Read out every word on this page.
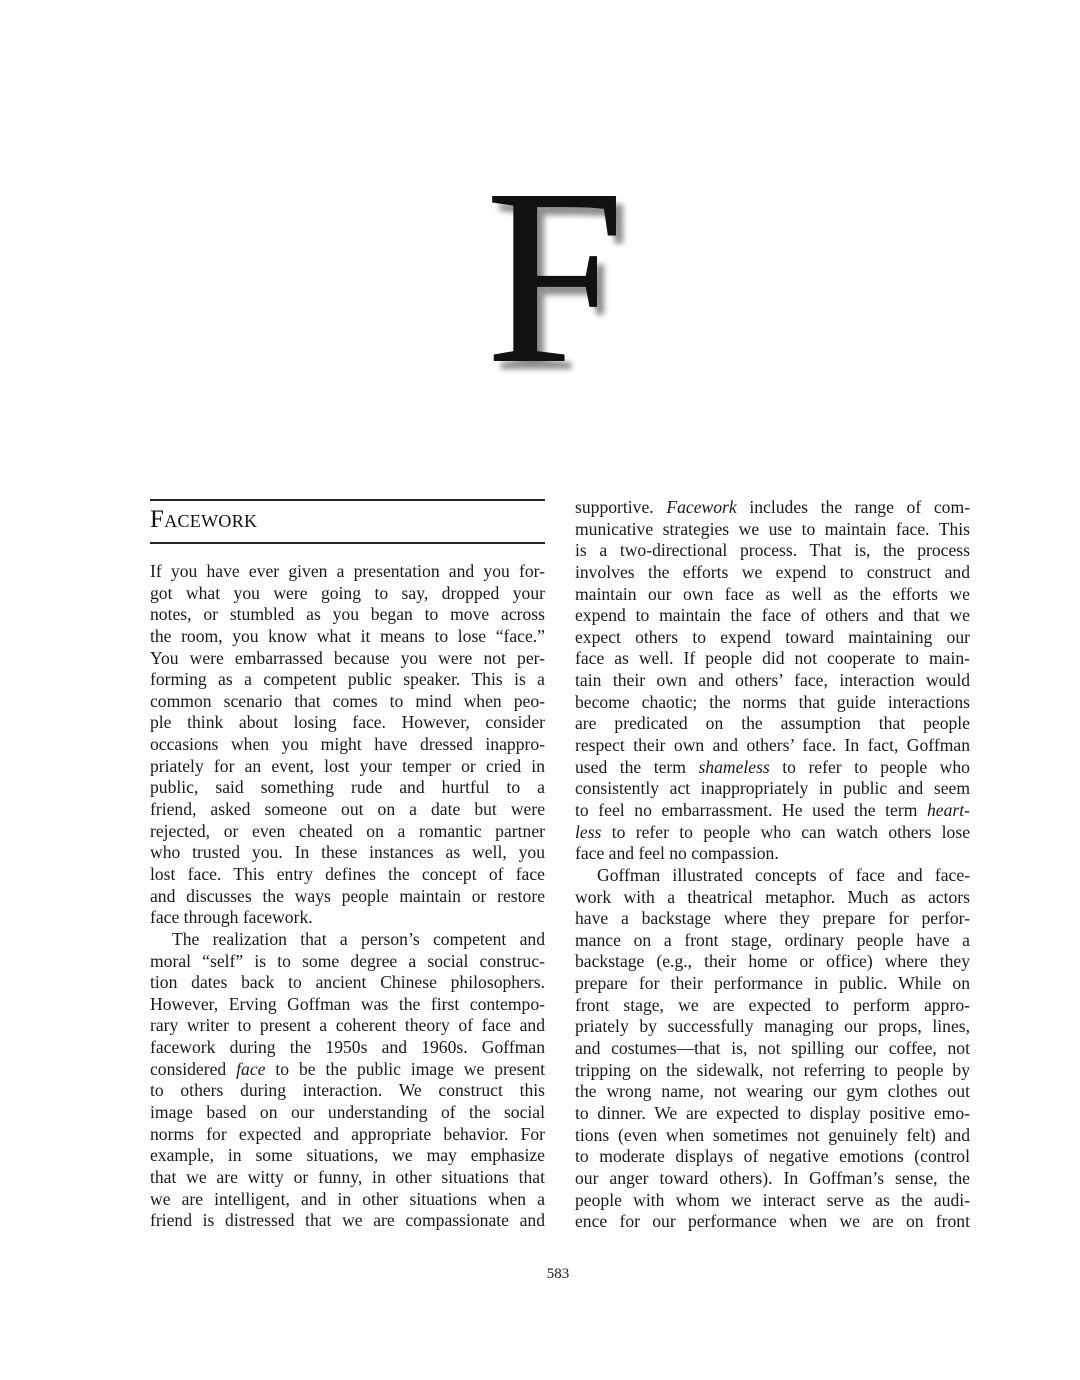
F
Facework
If you have ever given a presentation and you for-
got what you were going to say, dropped your
notes, or stumbled as you began to move across
the room, you know what it means to lose “face.”
You were embarrassed because you were not per-
forming as a competent public speaker. This is a
common scenario that comes to mind when peo-
ple think about losing face. However, consider
occasions when you might have dressed inappro-
priately for an event, lost your temper or cried in
public, said something rude and hurtful to a
friend, asked someone out on a date but were
rejected, or even cheated on a romantic partner
who trusted you. In these instances as well, you
lost face. This entry defines the concept of face
and discusses the ways people maintain or restore
face through facework.
The realization that a person’s competent and
moral “self” is to some degree a social construc-
tion dates back to ancient Chinese philosophers.
However, Erving Goffman was the first contempo-
rary writer to present a coherent theory of face and
facework during the 1950s and 1960s. Goffman
considered face to be the public image we present
to others during interaction. We construct this
image based on our understanding of the social
norms for expected and appropriate behavior. For
example, in some situations, we may emphasize
that we are witty or funny, in other situations that
we are intelligent, and in other situations when a
friend is distressed that we are compassionate and
supportive. Facework includes the range of com-
municative strategies we use to maintain face. This
is a two-directional process. That is, the process
involves the efforts we expend to construct and
maintain our own face as well as the efforts we
expend to maintain the face of others and that we
expect others to expend toward maintaining our
face as well. If people did not cooperate to main-
tain their own and others’ face, interaction would
become chaotic; the norms that guide interactions
are predicated on the assumption that people
respect their own and others’ face. In fact, Goffman
used the term shameless to refer to people who
consistently act inappropriately in public and seem
to feel no embarrassment. He used the term heart-
less to refer to people who can watch others lose
face and feel no compassion.
Goffman illustrated concepts of face and face-
work with a theatrical metaphor. Much as actors
have a backstage where they prepare for perfor-
mance on a front stage, ordinary people have a
backstage (e.g., their home or office) where they
prepare for their performance in public. While on
front stage, we are expected to perform appro-
priately by successfully managing our props, lines,
and costumes—that is, not spilling our coffee, not
tripping on the sidewalk, not referring to people by
the wrong name, not wearing our gym clothes out
to dinner. We are expected to display positive emo-
tions (even when sometimes not genuinely felt) and
to moderate displays of negative emotions (control
our anger toward others). In Goffman’s sense, the
people with whom we interact serve as the audi-
ence for our performance when we are on front
583
